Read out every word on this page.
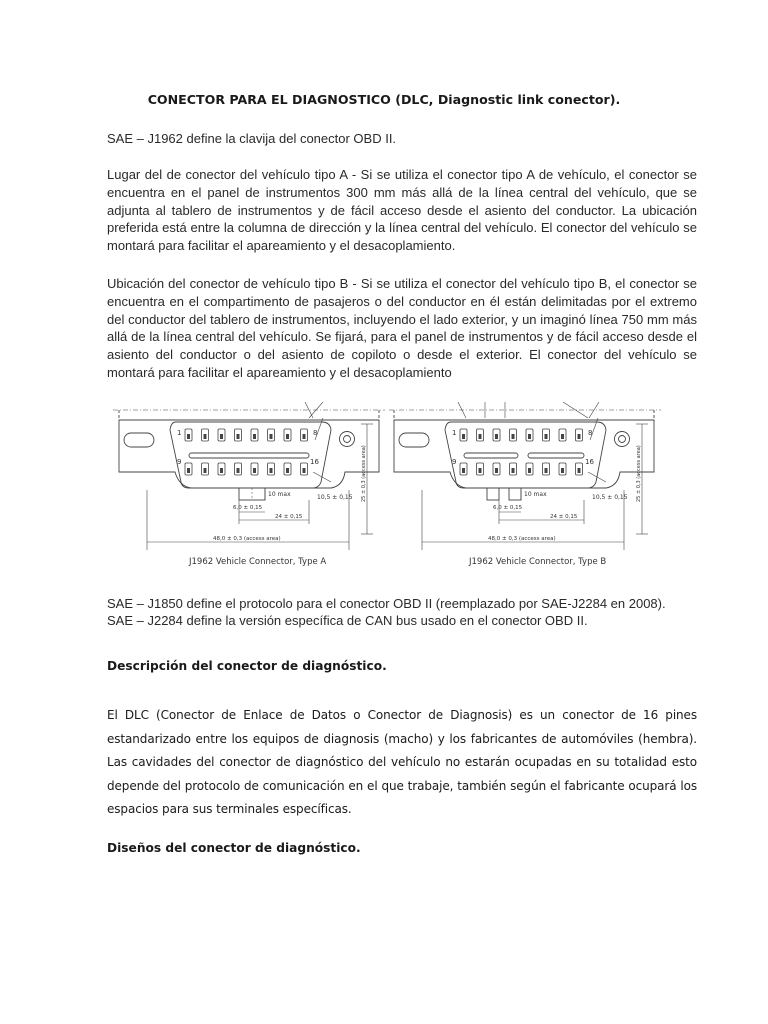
CONECTOR PARA EL DIAGNOSTICO (DLC, Diagnostic link conector).

SAE – J1962 define la clavija del conector OBD II.

Lugar del de conector del vehículo tipo A - Si se utiliza el conector tipo A de vehículo, el conector se encuentra en el panel de instrumentos 300 mm más allá de la línea central del vehículo, que se adjunta al tablero de instrumentos y de fácil acceso desde el asiento del conductor. La ubicación preferida está entre la columna de dirección y la línea central del vehículo. El conector del vehículo se montará para facilitar el apareamiento y el desacoplamiento.

Ubicación del conector de vehículo tipo B - Si se utiliza el conector del vehículo tipo B, el conector se encuentra en el compartimento de pasajeros o del conductor en él están delimitadas por el extremo del conductor del tablero de instrumentos, incluyendo el lado exterior, y un imaginó línea 750 mm más allá de la línea central del vehículo. Se fijará, para el panel de instrumentos y de fácil acceso desde el asiento del conductor o del asiento de copiloto o desde el exterior. El conector del vehículo se montará para facilitar el apareamiento y el desacoplamiento

1	8
9	16
10 max	10,5 ± 0,15
6,0 ± 0,15
24 ± 0,15
48,0 ± 0,3 (access area)
25 ± 0,3 (access area)
J1962 Vehicle Connector, Type A
1	8
9	16
10 max	10,5 ± 0,15
6,0 ± 0,15
24 ± 0,15
48,0 ± 0,3 (access area)
25 ± 0,3 (access area)
J1962 Vehicle Connector, Type B

SAE – J1850 define el protocolo para el conector OBD II (reemplazado por SAE-J2284 en 2008).

SAE – J2284 define la versión específica de CAN bus usado en el conector OBD II.

Descripción del conector de diagnóstico.

El DLC (Conector de Enlace de Datos o Conector de Diagnosis) es un conector de 16 pines estandarizado entre los equipos de diagnosis (macho) y los fabricantes de automóviles (hembra). Las cavidades del conector de diagnóstico del vehículo no estarán ocupadas en su totalidad esto depende del protocolo de comunicación en el que trabaje, también según el fabricante ocupará los espacios para sus terminales específicas.

Diseños del conector de diagnóstico.
